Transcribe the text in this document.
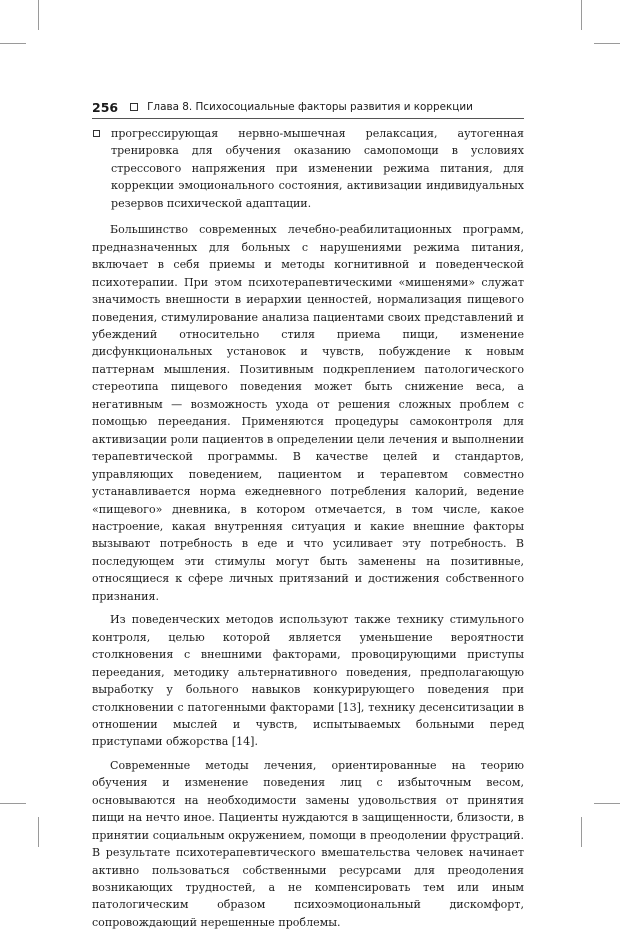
256	Глава 8. Психосоциальные факторы развития и коррекции

прогрессирующая нервно-мышечная релаксация, аутогенная тренировка для обучения оказанию самопомощи в условиях стрессового напряжения при изменении режима питания, для коррекции эмоционального состояния, активизации индивидуальных резервов психической адаптации.

Большинство современных лечебно-реабилитационных программ, предназначенных для больных с нарушениями режима питания, включает в себя приемы и методы когнитивной и поведенческой психотерапии. При этом психотерапевтическими «мишенями» служат значимость внешности в иерархии ценностей, нормализация пищевого поведения, стимулирование анализа пациентами своих представлений и убеждений относительно стиля приема пищи, изменение дисфункциональных установок и чувств, побуждение к новым паттернам мышления. Позитивным подкреплением патологического стереотипа пищевого поведения может быть снижение веса, а негативным — возможность ухода от решения сложных проблем с помощью переедания. Применяются процедуры самоконтроля для активизации роли пациентов в определении цели лечения и выполнении терапевтической программы. В качестве целей и стандартов, управляющих поведением, пациентом и терапевтом совместно устанавливается норма ежедневного потребления калорий, ведение «пищевого» дневника, в котором отмечается, в том числе, какое настроение, какая внутренняя ситуация и какие внешние факторы вызывают потребность в еде и что усиливает эту потребность. В последующем эти стимулы могут быть заменены на позитивные, относящиеся к сфере личных притязаний и достижения собственного признания.

Из поведенческих методов используют также технику стимульного контроля, целью которой является уменьшение вероятности столкновения с внешними факторами, провоцирующими приступы переедания, методику альтернативного поведения, предполагающую выработку у больного навыков конкурирующего поведения при столкновении с патогенными факторами [13], технику десенситизации в отношении мыслей и чувств, испытываемых больными перед приступами обжорства [14].

Современные методы лечения, ориентированные на теорию обучения и изменение поведения лиц с избыточным весом, основываются на необходимости замены удовольствия от принятия пищи на нечто иное. Пациенты нуждаются в защищенности, близости, в принятии социальным окружением, помощи в преодолении фрустраций. В результате психотерапевтического вмешательства человек начинает активно пользоваться собственными ресурсами для преодоления возникающих трудностей, а не компенсировать тем или иным патологическим образом психоэмоциональный дискомфорт, сопровождающий нерешенные проблемы.
